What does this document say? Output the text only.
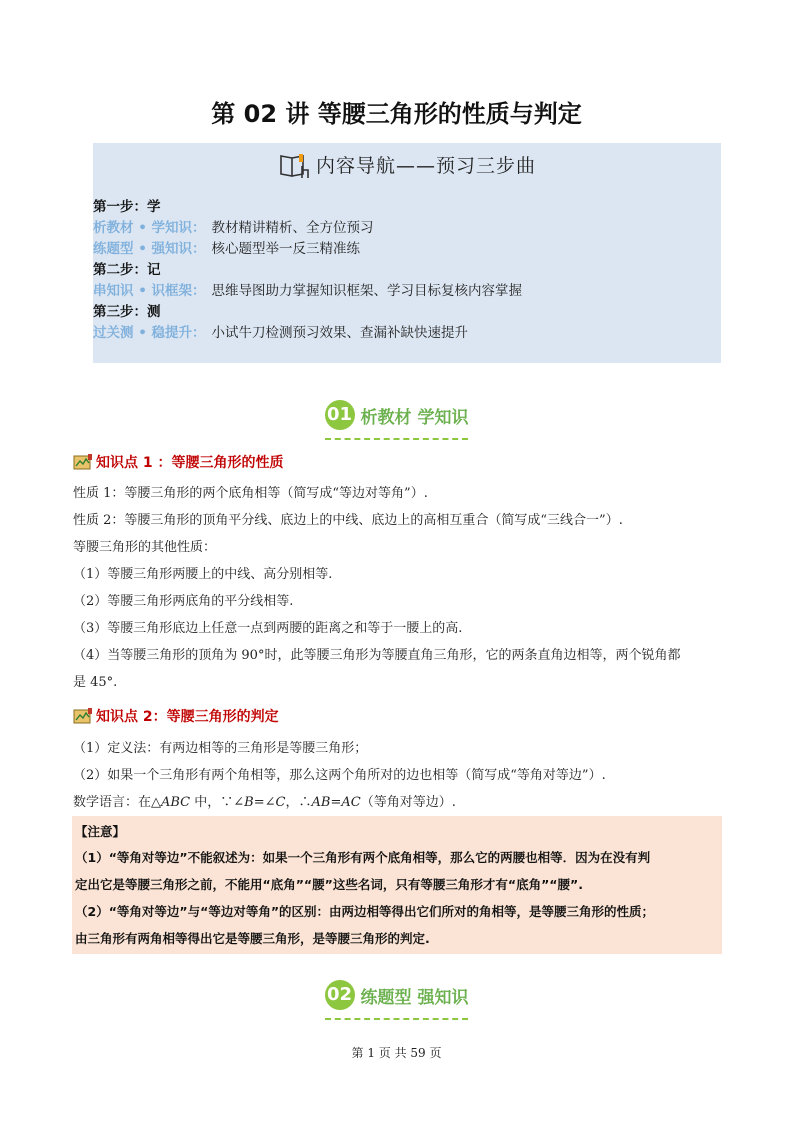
第 02 讲 等腰三角形的性质与判定
内容导航——预习三步曲
第一步：学
析教材 • 学知识： 教材精讲精析、全方位预习
练题型 • 强知识： 核心题型举一反三精准练
第二步：记
串知识 • 识框架： 思维导图助力掌握知识框架、学习目标复核内容掌握
第三步：测
过关测 • 稳提升： 小试牛刀检测预习效果、查漏补缺快速提升
01 析教材 学知识
知识点 1 ：等腰三角形的性质
性质 1：等腰三角形的两个底角相等（简写成“等边对等角”）.
性质 2：等腰三角形的顶角平分线、底边上的中线、底边上的高相互重合（简写成“三线合一”）.
等腰三角形的其他性质：
（1）等腰三角形两腰上的中线、高分别相等.
（2）等腰三角形两底角的平分线相等.
（3）等腰三角形底边上任意一点到两腰的距离之和等于一腰上的高.
（4）当等腰三角形的顶角为 90°时，此等腰三角形为等腰直角三角形，它的两条直角边相等，两个锐角都
是 45°.
知识点 2：等腰三角形的判定
（1）定义法：有两边相等的三角形是等腰三角形；
（2）如果一个三角形有两个角相等，那么这两个角所对的边也相等（简写成“等角对等边”）.
数学语言：在△ABC 中，∵∠B=∠C，∴AB=AC（等角对等边）.
【注意】
（1）“等角对等边”不能叙述为：如果一个三角形有两个底角相等，那么它的两腰也相等．因为在没有判
定出它是等腰三角形之前，不能用“底角”“腰”这些名词，只有等腰三角形才有“底角”“腰”.
（2）“等角对等边”与“等边对等角”的区别：由两边相等得出它们所对的角相等，是等腰三角形的性质；
由三角形有两角相等得出它是等腰三角形，是等腰三角形的判定.
02 练题型 强知识
第 1 页 共 59 页
